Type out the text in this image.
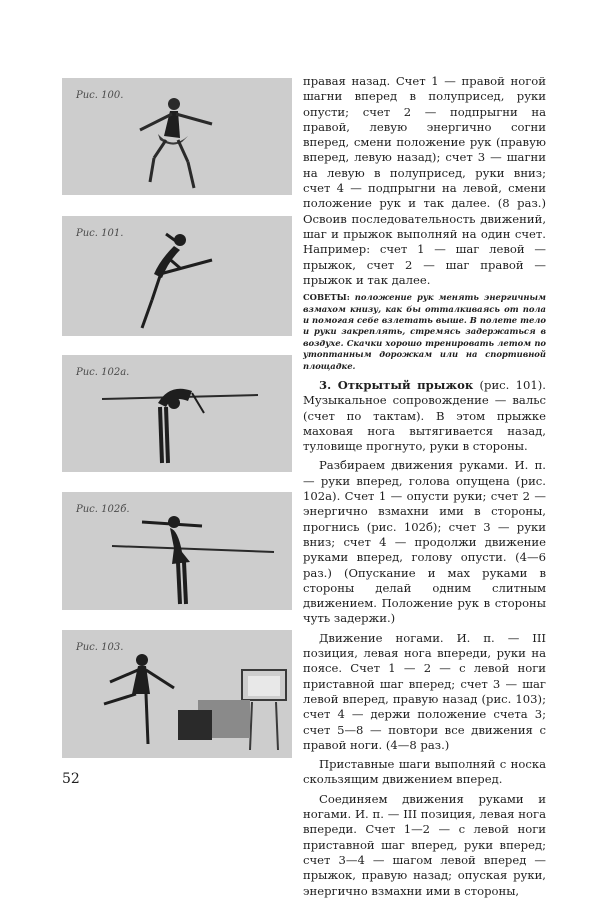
Рис. 100.
Рис. 101.
Рис. 102а.
Рис. 102б.
Рис. 103.

правая назад. Счет 1 — правой ногой шагни вперед в полуприсед, руки опусти; счет 2 — подпрыгни на правой, левую энергично согни вперед, смени положение рук (правую вперед, левую назад); счет 3 — шагни на левую в полуприсед, руки вниз; счет 4 — подпрыгни на левой, смени положение рук и так далее. (8 раз.) Освоив последовательность движений, шаг и прыжок выполняй на один счет. Например: счет 1 — шаг левой — прыжок, счет 2 — шаг правой — прыжок и так далее.

СОВЕТЫ: положение рук менять энергичным взмахом книзу, как бы отталкиваясь от пола и помогая себе взлетать выше. В полете тело и руки закреплять, стремясь задержаться в воздухе. Скачки хорошо тренировать летом по утоптанным дорожкам или на спортивной площадке.

3. Открытый прыжок (рис. 101). Музыкальное сопровождение — вальс (счет по тактам). В этом прыжке маховая нога вытягивается назад, туловище прогнуто, руки в стороны.

Разбираем движения руками. И. п. — руки вперед, голова опущена (рис. 102а). Счет 1 — опусти руки; счет 2 — энергично взмахни ими в стороны, прогнись (рис. 102б); счет 3 — руки вниз; счет 4 — продолжи движение руками вперед, голову опусти. (4—6 раз.) (Опускание и мах руками в стороны делай одним слитным движением. Положение рук в стороны чуть задержи.)

Движение ногами. И. п. — III позиция, левая нога впереди, руки на поясе. Счет 1 — 2 — с левой ноги приставной шаг вперед; счет 3 — шаг левой вперед, правую назад (рис. 103); счет 4 — держи положение счета 3; счет 5—8 — повтори все движения с правой ноги. (4—8 раз.)

Приставные шаги выполняй с носка скользящим движением вперед.

Соединяем движения руками и ногами. И. п. — III позиция, левая нога впереди. Счет 1—2 — с левой ноги приставной шаг вперед, руки вперед; счет 3—4 — шагом левой вперед — прыжок, правую назад; опуская руки, энергично взмахни ими в стороны,

52
